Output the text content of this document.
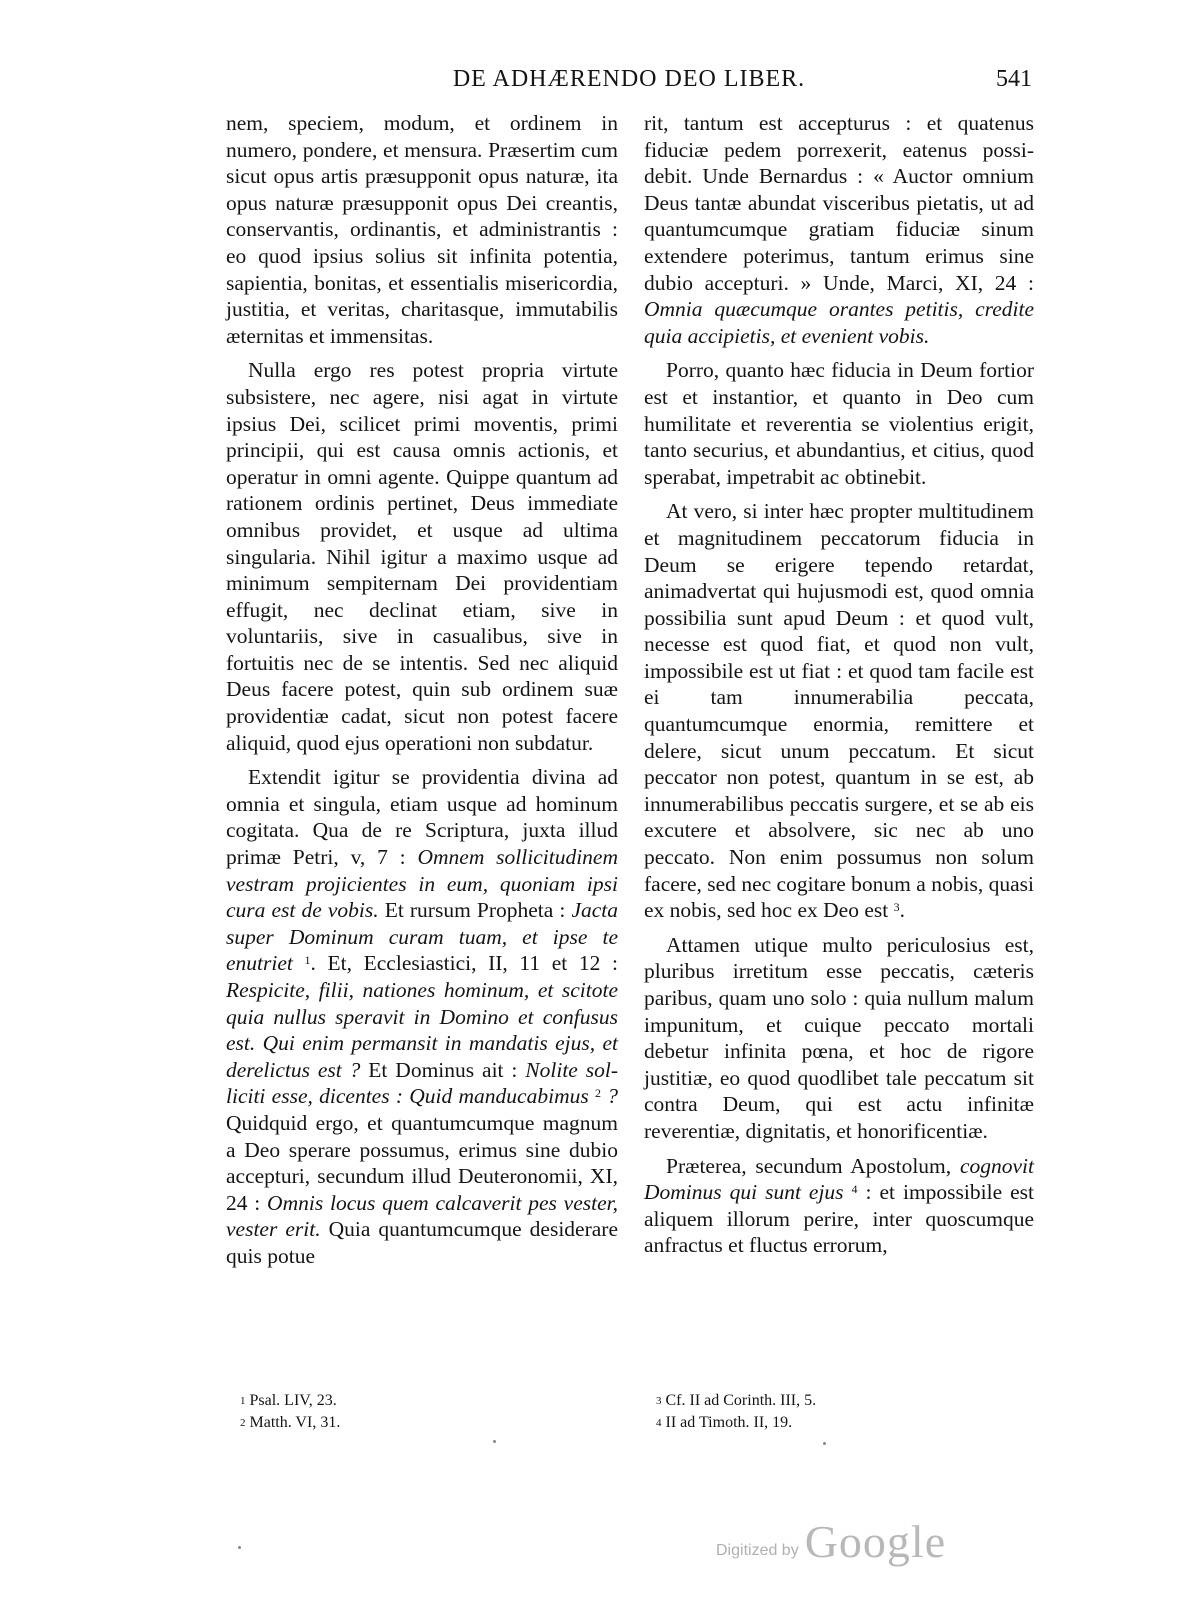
DE ADHÆRENDO DEO LIBER.	541

nem, speciem, modum, et ordinem in numero, pondere, et mensura. Præsertim cum sicut opus artis præsupponit opus naturæ, ita opus naturæ præsupponit opus Dei creantis, conservantis, ordinantis, et administrantis : eo quod ipsius solius sit infinita potentia, sapientia, bonitas, et essentialis misericordia, justitia, et veritas, charitasque, immutabilis æternitas et immensitas.

Nulla ergo res potest propria virtute subsistere, nec agere, nisi agat in virtute ipsius Dei, scilicet primi moventis, primi principii, qui est causa omnis actionis, et operatur in omni agente. Quippe quantum ad rationem ordinis pertinet, Deus immediate omnibus providet, et usque ad ultima singularia. Nihil igitur a maximo usque ad minimum sempiternam Dei providentiam effugit, nec declinat etiam, sive in voluntariis, sive in casualibus, sive in fortuitis nec de se intentis. Sed nec aliquid Deus facere potest, quin sub ordinem suæ providentiæ cadat, sicut non potest facere aliquid, quod ejus operationi non subdatur.

Extendit igitur se providentia divina ad omnia et singula, etiam usque ad hominum cogitata. Qua de re Scriptura, juxta illud primæ Petri, v, 7 : Omnem sollicitudinem vestram projicientes in eum, quoniam ipsi cura est de vobis. Et rursum Propheta : Jacta super Dominum curam tuam, et ipse te enutriet $^1$. Et, Ecclesiastici, II, 11 et 12 : Respicite, filii, nationes hominum, et scitote quia nullus speravit in Domino et confusus est. Qui enim permansit in mandatis ejus, et derelictus est ? Et Dominus ait : Nolite solliciti esse, dicentes : Quid manducabimus $^2$ ? Quidquid ergo, et quantumcumque magnum a Deo sperare possumus, erimus sine dubio accepturi, secundum illud Deuteronomii, XI, 24 : Omnis locus quem calcaverit pes vester, vester erit. Quia quantumcumque desiderare quis potue

rit, tantum est accepturus : et quatenus fiduciæ pedem porrexerit, eatenus possidebit. Unde Bernardus : « Auctor omnium Deus tantæ abundat visceribus pietatis, ut ad quantumcumque gratiam fiduciæ sinum extendere poterimus, tantum erimus sine dubio accepturi. » Unde, Marci, XI, 24 : Omnia quæcumque orantes petitis, credite quia accipietis, et evenient vobis.

Porro, quanto hæc fiducia in Deum fortior est et instantior, et quanto in Deo cum humilitate et reverentia se violentius erigit, tanto securius, et abundantius, et citius, quod sperabat, impetrabit ac obtinebit.

At vero, si inter hæc propter multitudinem et magnitudinem peccatorum fiducia in Deum se erigere tependo retardat, animadvertat qui hujusmodi est, quod omnia possibilia sunt apud Deum : et quod vult, necesse est quod fiat, et quod non vult, impossibile est ut fiat : et quod tam facile est ei tam innumerabilia peccata, quantumcumque enormia, remittere et delere, sicut unum peccatum. Et sicut peccator non potest, quantum in se est, ab innumerabilibus peccatis surgere, et se ab eis excutere et absolvere, sic nec ab uno peccato. Non enim possumus non solum facere, sed nec cogitare bonum a nobis, quasi ex nobis, sed hoc ex Deo est $^3$.

Attamen utique multo periculosius est, pluribus irretitum esse peccatis, cæteris paribus, quam uno solo : quia nullum malum impunitum, et cuique peccato mortali debetur infinita pœna, et hoc de rigore justitiæ, eo quod quodlibet tale peccatum sit contra Deum, qui est actu infinitæ reverentiæ, dignitatis, et honorificentiæ.

Præterea, secundum Apostolum, cognovit Dominus qui sunt ejus $^4$ : et impossibile est aliquem illorum perire, inter quoscumque anfractus et fluctus errorum,

$^1$ Psal. LIV, 23.
$^2$ Matth. VI, 31.
$^3$ Cf. II ad Corinth. III, 5.
$^4$ II ad Timoth. II, 19.
Digitized by Google
